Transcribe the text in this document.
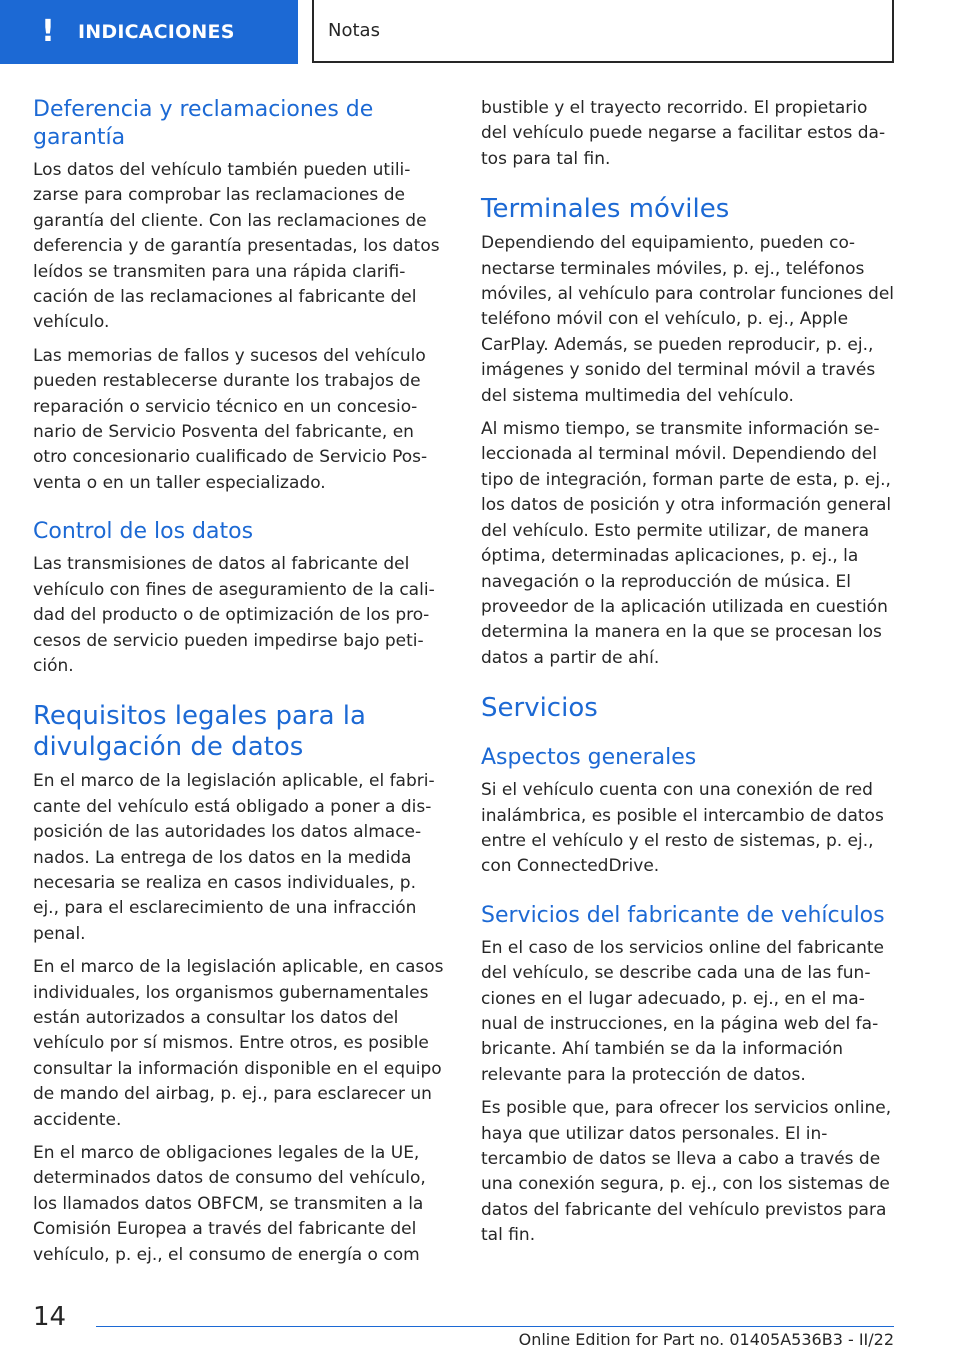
!	INDICACIONES	Notas
Deferencia y reclamaciones de garantía

Los datos del vehículo también pueden utilizarse para comprobar las reclamaciones de garantía del cliente. Con las reclamaciones de deferencia y de garantía presentadas, los datos leídos se transmiten para una rápida clarificación de las reclamaciones al fabricante del vehículo.

Las memorias de fallos y sucesos del vehículo pueden restablecerse durante los trabajos de reparación o servicio técnico en un concesionario de Servicio Posventa del fabricante, en otro concesionario cualificado de Servicio Posventa o en un taller especializado.

Control de los datos

Las transmisiones de datos al fabricante del vehículo con fines de aseguramiento de la calidad del producto o de optimización de los procesos de servicio pueden impedirse bajo petición.

Requisitos legales para la divulgación de datos

En el marco de la legislación aplicable, el fabricante del vehículo está obligado a poner a disposición de las autoridades los datos almacenados. La entrega de los datos en la medida necesaria se realiza en casos individuales, p. ej., para el esclarecimiento de una infracción penal.

En el marco de la legislación aplicable, en casos individuales, los organismos gubernamentales están autorizados a consultar los datos del vehículo por sí mismos. Entre otros, es posible consultar la información disponible en el equipo de mando del airbag, p. ej., para esclarecer un accidente.

En el marco de obligaciones legales de la UE, determinados datos de consumo del vehículo, los llamados datos OBFCM, se transmiten a la Comisión Europea a través del fabricante del vehículo, p. ej., el consumo de energía o com

bustible y el trayecto recorrido. El propietario del vehículo puede negarse a facilitar estos datos para tal fin.

Terminales móviles

Dependiendo del equipamiento, pueden conectarse terminales móviles, p. ej., teléfonos móviles, al vehículo para controlar funciones del teléfono móvil con el vehículo, p. ej., Apple CarPlay. Además, se pueden reproducir, p. ej., imágenes y sonido del terminal móvil a través del sistema multimedia del vehículo.

Al mismo tiempo, se transmite información seleccionada al terminal móvil. Dependiendo del tipo de integración, forman parte de esta, p. ej., los datos de posición y otra información general del vehículo. Esto permite utilizar, de manera óptima, determinadas aplicaciones, p. ej., la navegación o la reproducción de música. El proveedor de la aplicación utilizada en cuestión determina la manera en la que se procesan los datos a partir de ahí.

Servicios
Aspectos generales

Si el vehículo cuenta con una conexión de red inalámbrica, es posible el intercambio de datos entre el vehículo y el resto de sistemas, p. ej., con ConnectedDrive.

Servicios del fabricante de vehículos

En el caso de los servicios online del fabricante del vehículo, se describe cada una de las funciones en el lugar adecuado, p. ej., en el manual de instrucciones, en la página web del fabricante. Ahí también se da la información relevante para la protección de datos.

Es posible que, para ofrecer los servicios online, haya que utilizar datos personales. El intercambio de datos se lleva a cabo a través de una conexión segura, p. ej., con los sistemas de datos del fabricante del vehículo previstos para tal fin.

14
Online Edition for Part no. 01405A536B3 - II/22
